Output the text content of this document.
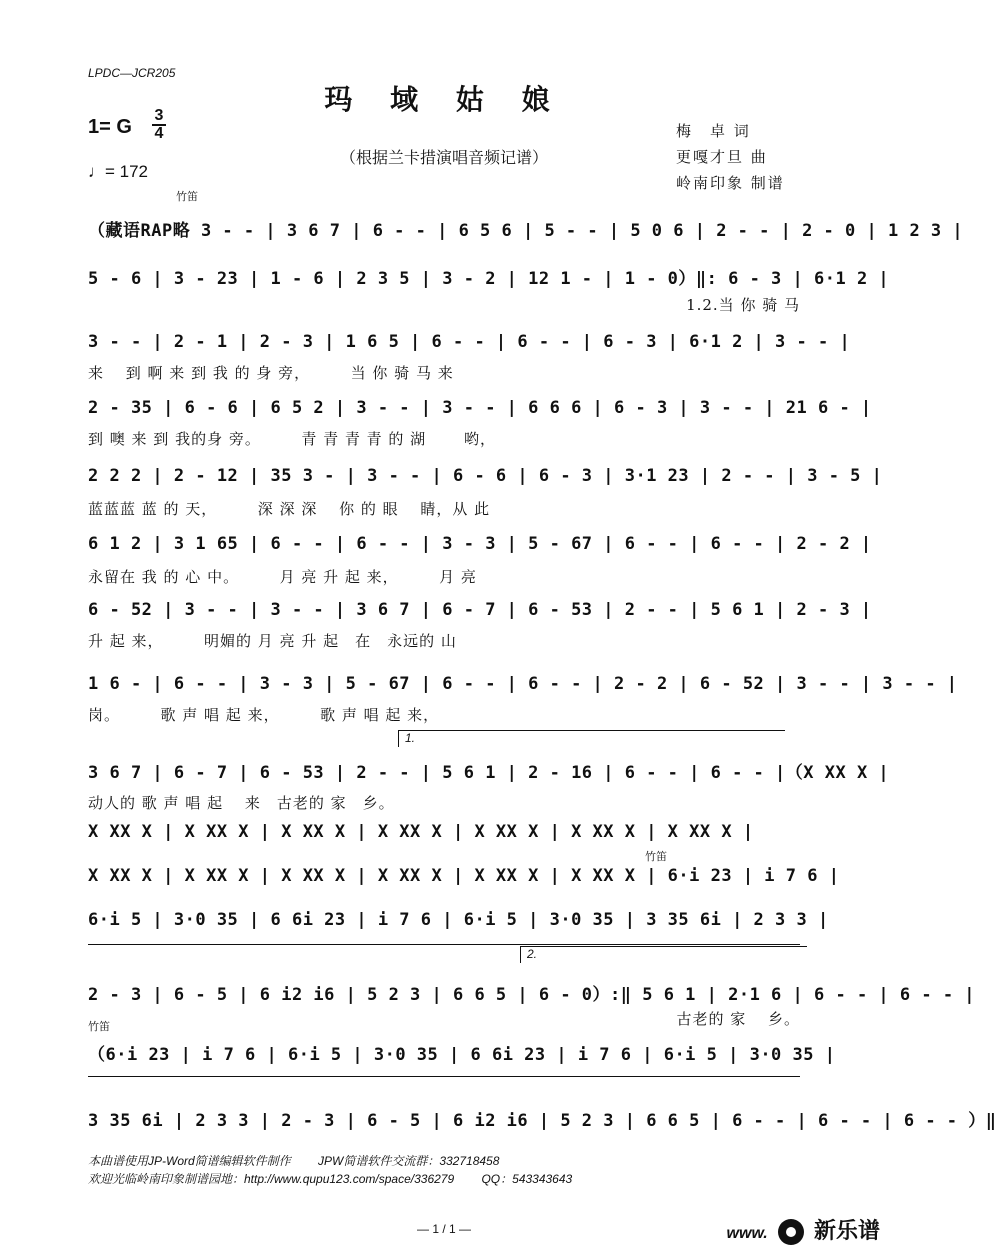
LPDC—JCR205
玛 域 姑 娘
（根据兰卡措演唱音频记谱）
1= G
3
4
♩= 172
梅　卓 词
更嘎才旦 曲
岭南印象 制谱
竹笛
竹笛
竹笛
（藏语RAP略 3 - - | 3 6 7 | 6 - - | 6 5 6 | 5 - - | 5 0 6 | 2 - - | 2 - 0 | 1 2 3 |
5 - 6 | 3 - 23 | 1 - 6 | 2 3 5 | 3 - 2 | 12 1 - | 1 - 0）‖: 6 - 3 | 6·1 2 |
1.2.当 你 骑 马
3 - - | 2 - 1 | 2 - 3 | 1 6 5 | 6 - - | 6 - - | 6 - 3 | 6·1 2 | 3 - - |
来　 到 啊 来 到 我 的 身 旁，　　　当 你 骑 马 来
2 - 35 | 6 - 6 | 6 5 2 | 3 - - | 3 - - | 6 6 6 | 6 - 3 | 3 - - | 21 6 - |
到 噢 来 到 我的身 旁。　　　青 青 青 青 的 湖　　 哟，
2 2 2 | 2 - 12 | 35 3 - | 3 - - | 6 - 6 | 6 - 3 | 3·1 23 | 2 - - | 3 - 5 |
蓝蓝蓝 蓝 的 天，　　　深 深 深　 你 的 眼　 睛，从 此
6 1 2 | 3 1 65 | 6 - - | 6 - - | 3 - 3 | 5 - 67 | 6 - - | 6 - - | 2 - 2 |
永留在 我 的 心 中。　　　月 亮 升 起 来，　　　月 亮
6 - 52 | 3 - - | 3 - - | 3 6 7 | 6 - 7 | 6 - 53 | 2 - - | 5 6 1 | 2 - 3 |
升 起 来，　　　明媚的 月 亮 升 起　在　永远的 山
1 6 - | 6 - - | 3 - 3 | 5 - 67 | 6 - - | 6 - - | 2 - 2 | 6 - 52 | 3 - - | 3 - - |
岗。　　　歌 声 唱 起 来，　　　歌 声 唱 起 来，
1.
3 6 7 | 6 - 7 | 6 - 53 | 2 - - | 5 6 1 | 2 - 16 | 6 - - | 6 - - |（X XX X |
动人的 歌 声 唱 起　 来　古老的 家　乡。
X XX X | X XX X | X XX X | X XX X | X XX X | X XX X | X XX X |
X XX X | X XX X | X XX X | X XX X | X XX X | X XX X | 6·i 23 | i 7 6 |
6·i 5 | 3·0 35 | 6 6i 23 | i 7 6 | 6·i 5 | 3·0 35 | 3 35 6i | 2 3 3 |
2.
2 - 3 | 6 - 5 | 6 i2 i6 | 5 2 3 | 6 6 5 | 6 - 0）:‖ 5 6 1 | 2·1 6 | 6 - - | 6 - - |
古老的 家　 乡。
（6·i 23 | i 7 6 | 6·i 5 | 3·0 35 | 6 6i 23 | i 7 6 | 6·i 5 | 3·0 35 |
3 35 6i | 2 3 3 | 2 - 3 | 6 - 5 | 6 i2 i6 | 5 2 3 | 6 6 5 | 6 - - | 6 - - | 6 - - ）‖
本曲谱使用JP-Word简谱编辑软件制作　　 JPW简谱软件交流群：332718458
欢迎光临岭南印象制谱园地：http://www.qupu123.com/space/336279　　 QQ：543343643
— 1 / 1 —	www. 新乐谱
